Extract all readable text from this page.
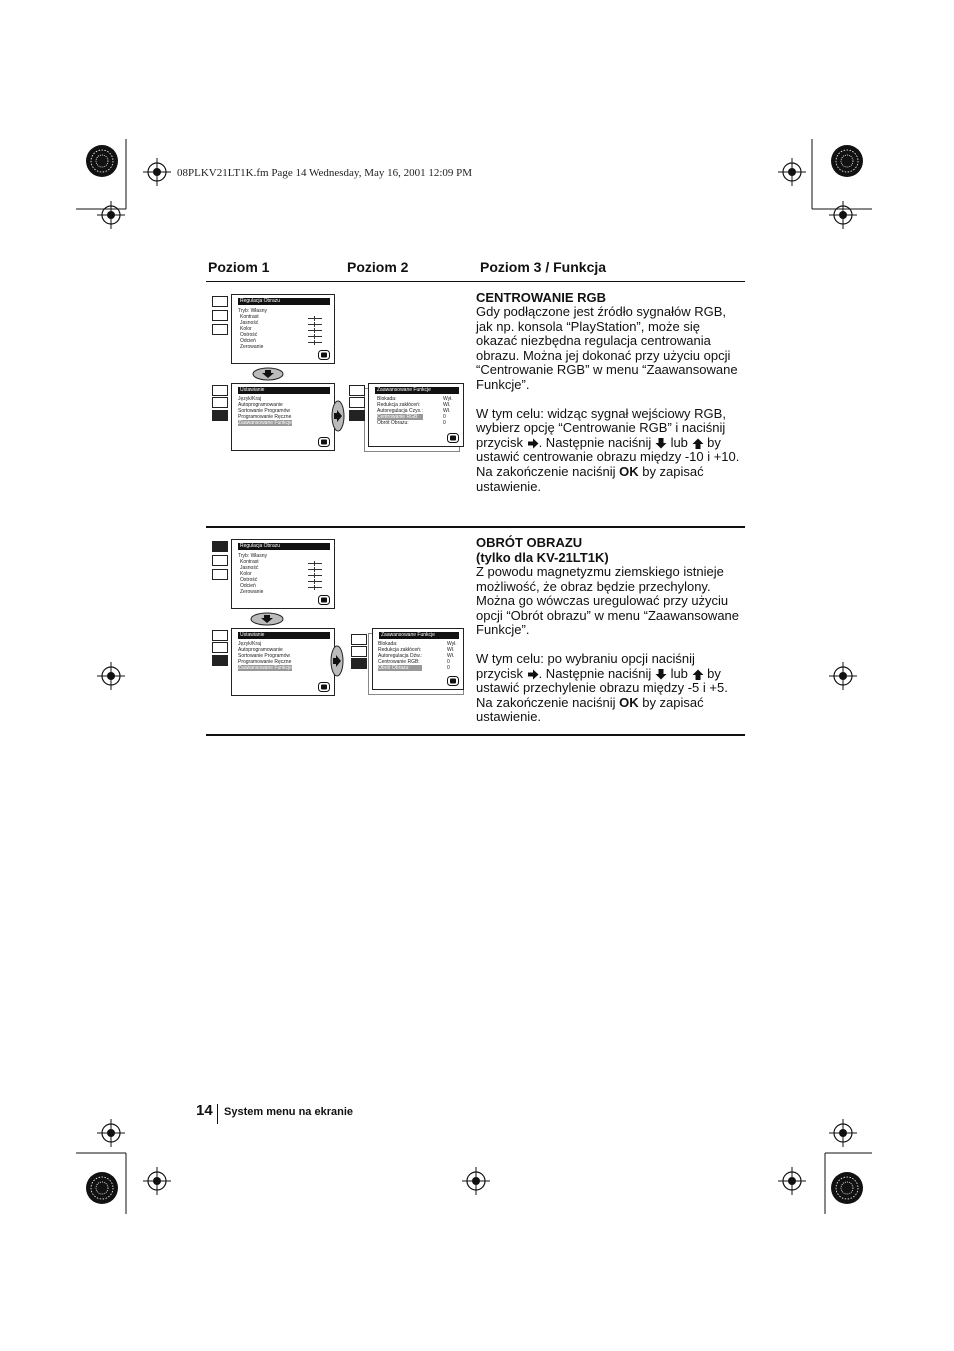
08PLKV21LT1K.fm Page 14 Wednesday, May 16, 2001 12:09 PM
Poziom 1	Poziom 2	Poziom 3 / Funkcja
CENTROWANIE RGB

Gdy podłączone jest źródło sygnałów RGB, jak np. konsola “PlayStation”, może się okazać niezbędna regulacja centrowania obrazu. Można jej dokonać przy użyciu opcji “Centrowanie RGB” w menu “Zaawansowane Funkcje”.

W tym celu: widząc sygnał wejściowy RGB, wybierz opcję “Centrowanie RGB” i naciśnij przycisk . Następnie naciśnij lub by ustawić centrowanie obrazu między -10 i +10. Na zakończenie naciśnij OK by zapisać ustawienie.

Regulacja Obrazu
Tryb: Własny
Kontrast
Jasność
Kolor
Ostrość
Odcień
Zerowanie
Ustawianie
Język/Kraj
Autoprogramowanie
Sortowanie Programów
Programowanie Ręczne
Zaawansowane Funkcje
Zaawansowane Funkcje
Blokada:
Redukcja zakłóceń:
Autoregulacja Czys.:
Centrowanie RGB:
Obrót Obrazu:
Wył.
Wł.
Wł.
0
0
OBRÓT OBRAZU
(tylko dla KV-21LT1K)

Z powodu magnetyzmu ziemskiego istnieje możliwość, że obraz będzie przechylony. Można go wówczas uregulować przy użyciu opcji “Obrót obrazu” w menu “Zaawansowane Funkcje”.

W tym celu: po wybraniu opcji naciśnij przycisk . Następnie naciśnij lub by ustawić przechylenie obrazu między -5 i +5. Na zakończenie naciśnij OK by zapisać ustawienie.

Regulacja Obrazu
Tryb: Własny
Kontrast
Jasność
Kolor
Ostrość
Odcień
Zerowanie
Ustawianie
Język/Kraj
Autoprogramowanie
Sortowanie Programów
Programowanie Ręczne
Zaawansowane Funkcje
Zaawansowane Funkcje
Blokada:
Redukcja zakłóceń:
Autoregulacja Dźw.:
Centrowanie RGB:
Obrót Obrazu:
Wył.
Wł.
Wł.
0
0
14 System menu na ekranie
